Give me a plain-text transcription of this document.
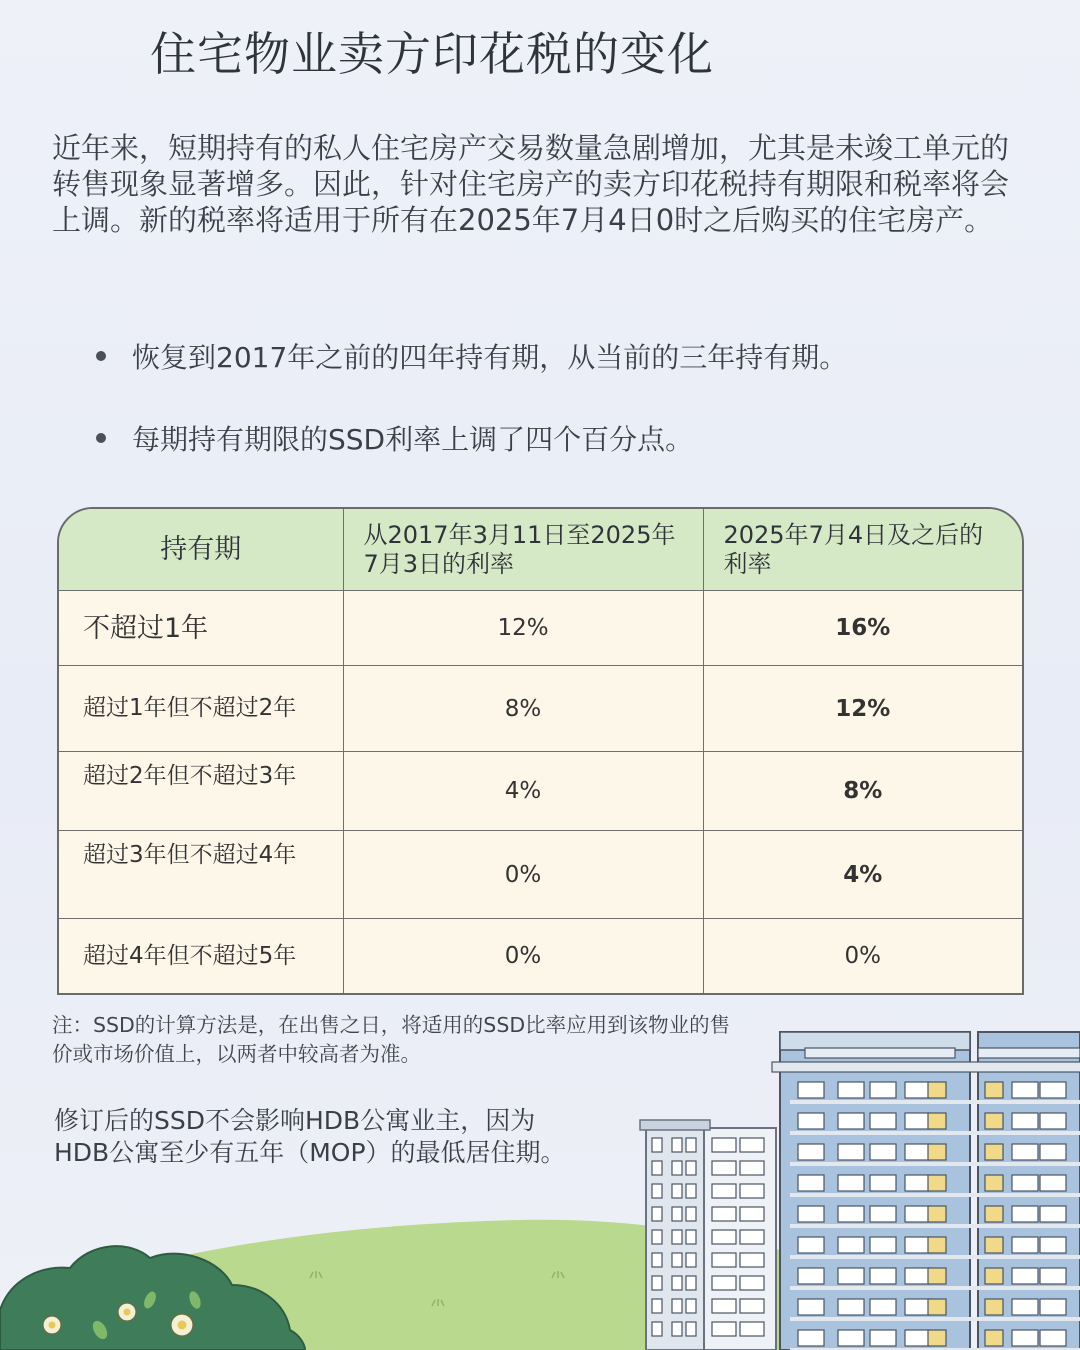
住宅物业卖方印花税的变化
近年来，短期持有的私人住宅房产交易数量急剧增加，尤其是未竣工单元的转售现象显著增多。因此，针对住宅房产的卖方印花税持有期限和税率将会上调。新的税率将适用于所有在2025年7月4日0时之后购买的住宅房产。
恢复到2017年之前的四年持有期，从当前的三年持有期。
每期持有期限的SSD利率上调了四个百分点。
持有期	从2017年3月11日至2025年7月3日的利率	2025年7月4日及之后的利率
不超过1年	12%	16%

超过1年但不超过2年	8%	12%
超过2年但不超过3年	4%	8%
超过3年但不超过4年	0%	4%
超过4年但不超过5年	0%	0%
注：SSD的计算方法是，在出售之日，将适用的SSD比率应用到该物业的售价或市场价值上，以两者中较高者为准。
修订后的SSD不会影响HDB公寓业主，因为HDB公寓至少有五年（MOP）的最低居住期。
